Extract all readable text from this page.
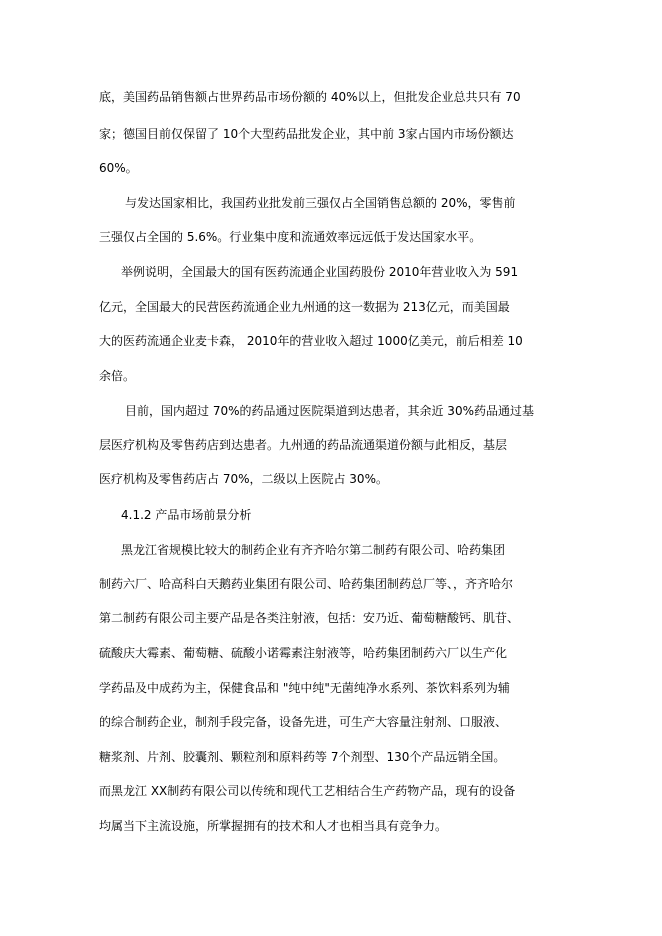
底，美国药品销售额占世界药品市场份额的 40%以上，但批发企业总共只有 70
家；德国目前仅保留了 10个大型药品批发企业，其中前 3家占国内市场份额达
60%。
与发达国家相比，我国药业批发前三强仅占全国销售总额的 20%，零售前
三强仅占全国的 5.6%。行业集中度和流通效率远远低于发达国家水平。
举例说明，全国最大的国有医药流通企业国药股份 2010年营业收入为 591
亿元，全国最大的民营医药流通企业九州通的这一数据为 213亿元，而美国最
大的医药流通企业麦卡森， 2010年的营业收入超过 1000亿美元，前后相差 10
余倍。
目前，国内超过 70%的药品通过医院渠道到达患者，其余近 30%药品通过基
层医疗机构及零售药店到达患者。九州通的药品流通渠道份额与此相反，基层
医疗机构及零售药店占 70%，二级以上医院占 30%。
4.1.2 产品市场前景分析
黑龙江省规模比较大的制药企业有齐齐哈尔第二制药有限公司、哈药集团
制药六厂、哈高科白天鹅药业集团有限公司、哈药集团制药总厂等、，齐齐哈尔
第二制药有限公司主要产品是各类注射液，包括：安乃近、葡萄糖酸钙、肌苷、
硫酸庆大霉素、葡萄糖、硫酸小诺霉素注射液等，哈药集团制药六厂以生产化
学药品及中成药为主，保健食品和 "纯中纯"无菌纯净水系列、茶饮料系列为辅
的综合制药企业，制剂手段完备，设备先进，可生产大容量注射剂、口服液、
糖浆剂、片剂、胶囊剂、颗粒剂和原料药等 7个剂型、130个产品远销全国。
而黑龙江 XX制药有限公司以传统和现代工艺相结合生产药物产品，现有的设备
均属当下主流设施，所掌握拥有的技术和人才也相当具有竞争力。
